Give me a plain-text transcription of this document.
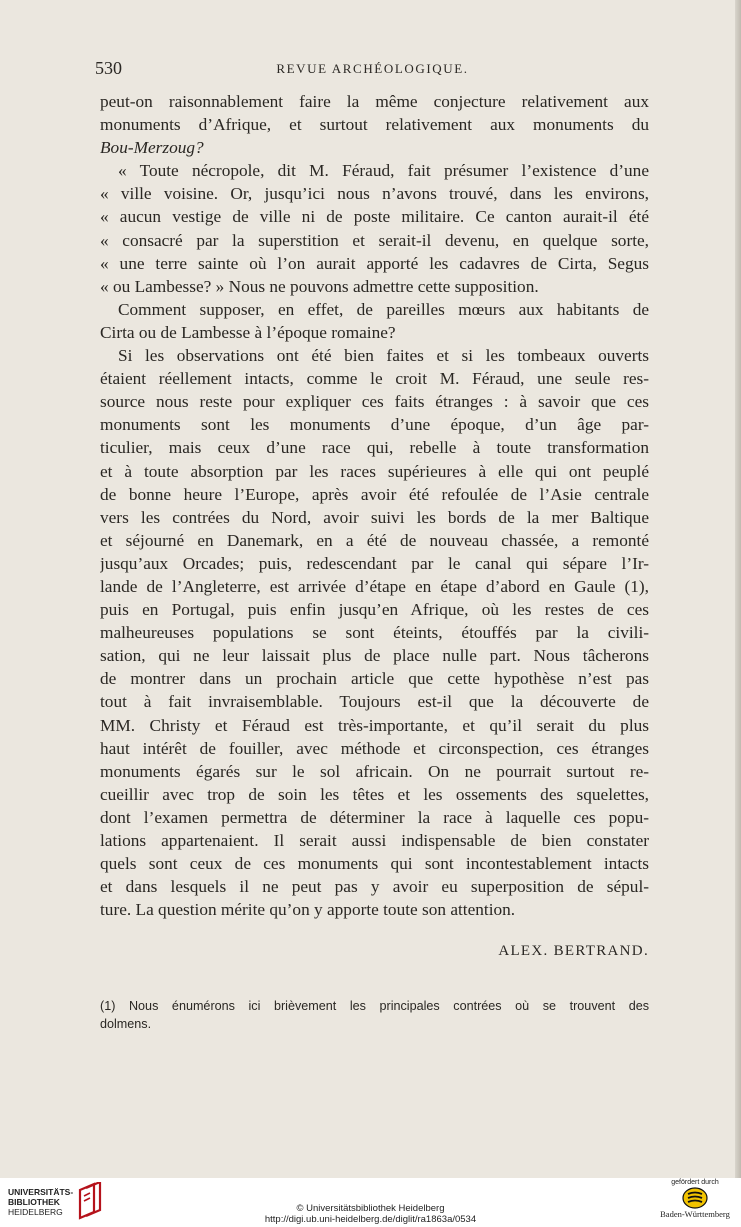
530	REVUE ARCHÉOLOGIQUE.
peut-on raisonnablement faire la même conjecture relativement aux
monuments d’Afrique, et surtout relativement aux monuments du
Bou-Merzoug?
« Toute nécropole, dit M. Féraud, fait présumer l’existence d’une
« ville voisine. Or, jusqu’ici nous n’avons trouvé, dans les environs,
« aucun vestige de ville ni de poste militaire. Ce canton aurait-il été
« consacré par la superstition et serait-il devenu, en quelque sorte,
« une terre sainte où l’on aurait apporté les cadavres de Cirta, Segus
« ou Lambesse? » Nous ne pouvons admettre cette supposition.
Comment supposer, en effet, de pareilles mœurs aux habitants de
Cirta ou de Lambesse à l’époque romaine?
Si les observations ont été bien faites et si les tombeaux ouverts
étaient réellement intacts, comme le croit M. Féraud, une seule res-
source nous reste pour expliquer ces faits étranges : à savoir que ces
monuments sont les monuments d’une époque, d’un âge par-
ticulier, mais ceux d’une race qui, rebelle à toute transformation
et à toute absorption par les races supérieures à elle qui ont peuplé
de bonne heure l’Europe, après avoir été refoulée de l’Asie centrale
vers les contrées du Nord, avoir suivi les bords de la mer Baltique
et séjourné en Danemark, en a été de nouveau chassée, a remonté
jusqu’aux Orcades; puis, redescendant par le canal qui sépare l’Ir-
lande de l’Angleterre, est arrivée d’étape en étape d’abord en Gaule (1),
puis en Portugal, puis enfin jusqu’en Afrique, où les restes de ces
malheureuses populations se sont éteints, étouffés par la civili-
sation, qui ne leur laissait plus de place nulle part. Nous tâcherons
de montrer dans un prochain article que cette hypothèse n’est pas
tout à fait invraisemblable. Toujours est-il que la découverte de
MM. Christy et Féraud est très-importante, et qu’il serait du plus
haut intérêt de fouiller, avec méthode et circonspection, ces étranges
monuments égarés sur le sol africain. On ne pourrait surtout re-
cueillir avec trop de soin les têtes et les ossements des squelettes,
dont l’examen permettra de déterminer la race à laquelle ces popu-
lations appartenaient. Il serait aussi indispensable de bien constater
quels sont ceux de ces monuments qui sont incontestablement intacts
et dans lesquels il ne peut pas y avoir eu superposition de sépul-
ture. La question mérite qu’on y apporte toute son attention.
ALEX. BERTRAND.
(1) Nous énumérons ici brièvement les principales contrées où se trouvent des
dolmens.
UNIVERSITÄTS-
BIBLIOTHEK
HEIDELBERG	© Universitätsbibliothek Heidelberg
http://digi.ub.uni-heidelberg.de/diglit/ra1863a/0534
gefördert durch
Baden-Württemberg
